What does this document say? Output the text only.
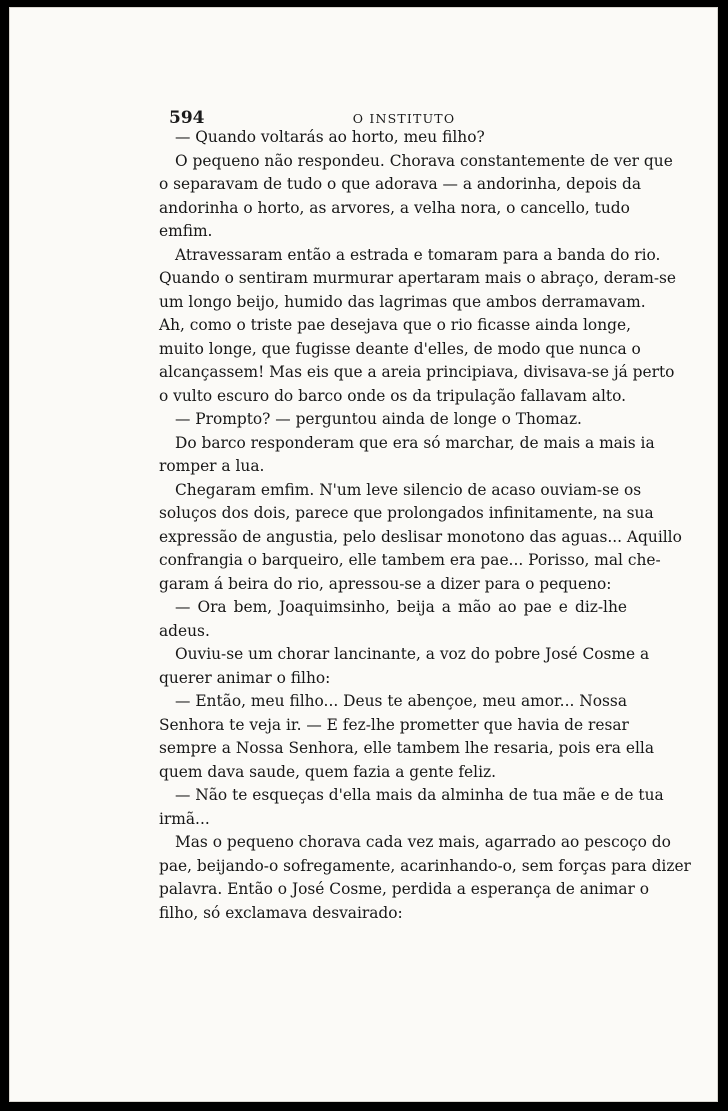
594	O INSTITUTO

— Quando voltarás ao horto, meu filho?

O pequeno não respondeu. Chorava constantemente de ver que
o separavam de tudo o que adorava — a andorinha, depois da
andorinha o horto, as arvores, a velha nora, o cancello, tudo
emfim.

Atravessaram então a estrada e tomaram para a banda do rio.
Quando o sentiram murmurar apertaram mais o abraço, deram-se
um longo beijo, humido das lagrimas que ambos derramavam.
Ah, como o triste pae desejava que o rio ficasse ainda longe,
muito longe, que fugisse deante d'elles, de modo que nunca o
alcançassem! Mas eis que a areia principiava, divisava-se já perto
o vulto escuro do barco onde os da tripulação fallavam alto.

— Prompto? — perguntou ainda de longe o Thomaz.

Do barco responderam que era só marchar, de mais a mais ia
romper a lua.

Chegaram emfim. N'um leve silencio de acaso ouviam-se os
soluços dos dois, parece que prolongados infinitamente, na sua
expressão de angustia, pelo deslisar monotono das aguas... Aquillo
confrangia o barqueiro, elle tambem era pae... Porisso, mal che-
garam á beira do rio, apressou-se a dizer para o pequeno:

— Ora bem, Joaquimsinho, beija a mão ao pae e diz-lhe
adeus.

Ouviu-se um chorar lancinante, a voz do pobre José Cosme a
querer animar o filho:

— Então, meu filho... Deus te abençoe, meu amor... Nossa
Senhora te veja ir. — E fez-lhe prometter que havia de resar
sempre a Nossa Senhora, elle tambem lhe resaria, pois era ella
quem dava saude, quem fazia a gente feliz.

— Não te esqueças d'ella mais da alminha de tua mãe e de tua
irmã...

Mas o pequeno chorava cada vez mais, agarrado ao pescoço do
pae, beijando-o sofregamente, acarinhando-o, sem forças para dizer
palavra. Então o José Cosme, perdida a esperança de animar o
filho, só exclamava desvairado:
